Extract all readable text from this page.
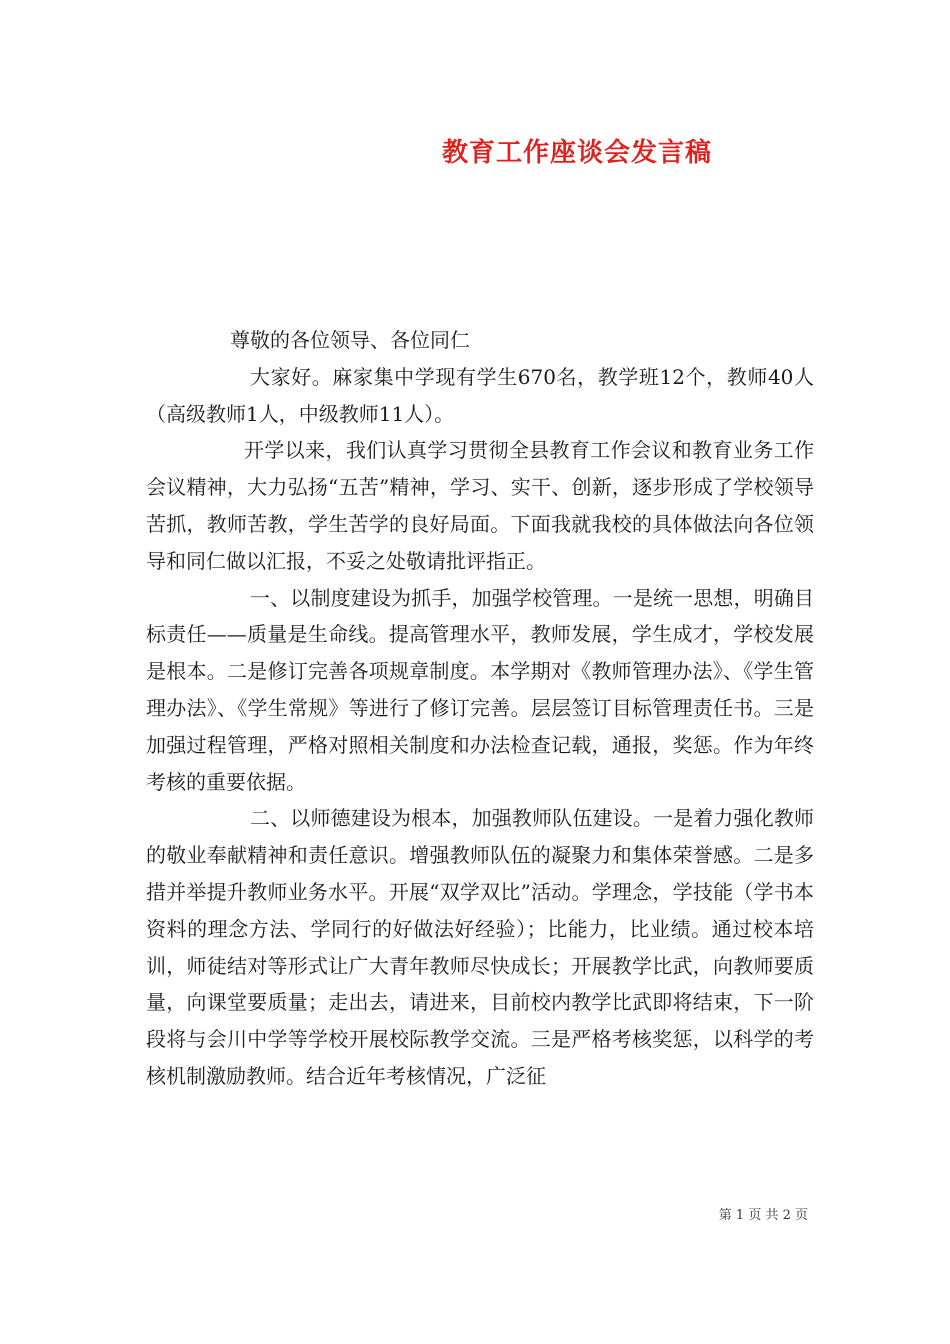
教育工作座谈会发言稿

尊敬的各位领导、各位同仁

大家好。麻家集中学现有学生670名，教学班12个，教师40人（高级教师1人，中级教师11人）。

开学以来，我们认真学习贯彻全县教育工作会议和教育业务工作会议精神，大力弘扬“五苦”精神，学习、实干、创新，逐步形成了学校领导苦抓，教师苦教，学生苦学的良好局面。下面我就我校的具体做法向各位领导和同仁做以汇报，不妥之处敬请批评指正。

一、以制度建设为抓手，加强学校管理。一是统一思想，明确目标责任——质量是生命线。提高管理水平，教师发展，学生成才，学校发展是根本。二是修订完善各项规章制度。本学期对《教师管理办法》、《学生管理办法》、《学生常规》等进行了修订完善。层层签订目标管理责任书。三是加强过程管理，严格对照相关制度和办法检查记载，通报，奖惩。作为年终考核的重要依据。

二、以师德建设为根本，加强教师队伍建设。一是着力强化教师的敬业奉献精神和责任意识。增强教师队伍的凝聚力和集体荣誉感。二是多措并举提升教师业务水平。开展“双学双比”活动。学理念，学技能（学书本资料的理念方法、学同行的好做法好经验）；比能力，比业绩。通过校本培训，师徒结对等形式让广大青年教师尽快成长；开展教学比武，向教师要质量，向课堂要质量；走出去，请进来，目前校内教学比武即将结束，下一阶段将与会川中学等学校开展校际教学交流。三是严格考核奖惩，以科学的考核机制激励教师。结合近年考核情况，广泛征

第 1 页 共 2 页
